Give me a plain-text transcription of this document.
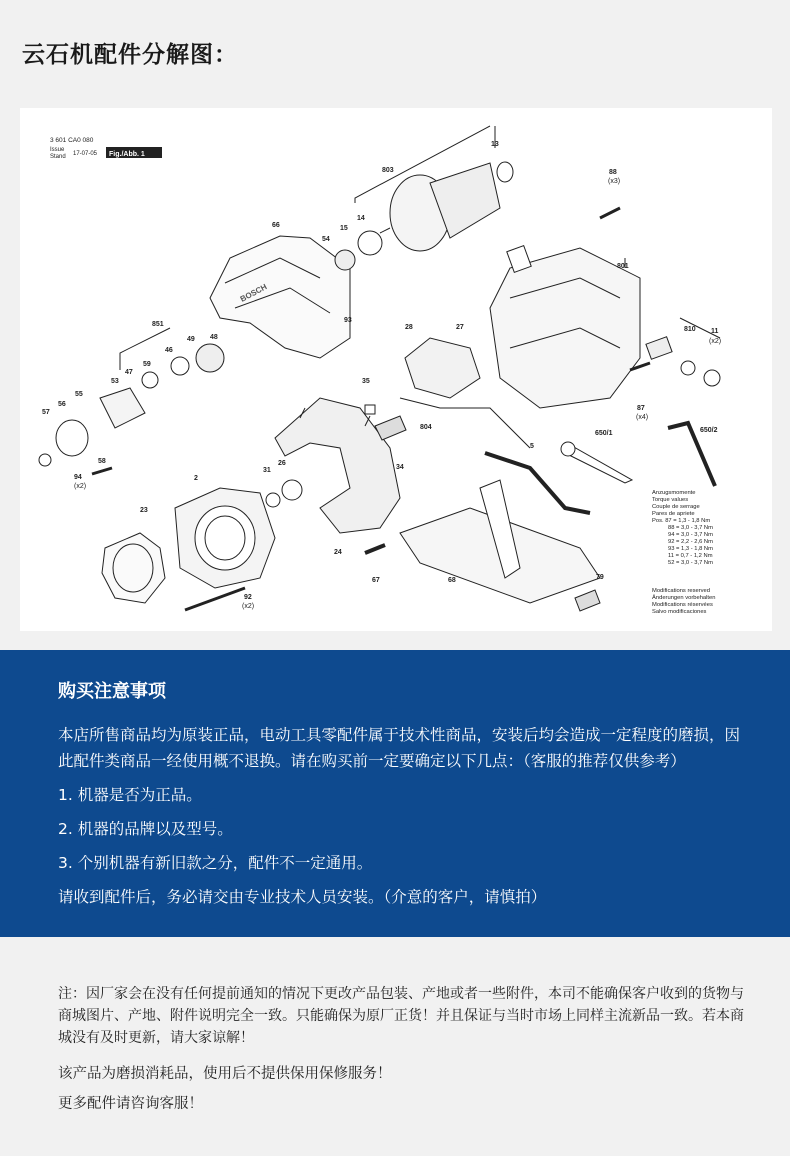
云石机配件分解图：
3 601 CA0 080
Issue
Stand 17-07-05 Fig./Abb. 1
BOSCH
13
803	88
(x3)
66
54
15
14
801
851
49 48
93
28	27	810 11
(x2)
47
59
46
35
53
55
56
57
58
94
(x2)
87
(x4)
804
34
650/1	650/2
5
2
31
26
23
24
92
(x2)
67	68	79
Anzugsmomente
Torque values
Couple de serrage
Pares de apriete
Pos. 87 = 1,3 - 1,8 Nm
88 = 3,0 - 3,7 Nm
94 = 3,0 - 3,7 Nm
92 = 2,2 - 2,6 Nm
93 = 1,3 - 1,8 Nm
11 = 0,7 - 1,2 Nm
52 = 3,0 - 3,7 Nm
Modifications reserved
Änderungen vorbehalten
Modifications réservées
Salvo modificaciones
购买注意事项

本店所售商品均为原装正品，电动工具零配件属于技术性商品，安装后均会造成一定程度的磨损，因此配件类商品一经使用概不退换。请在购买前一定要确定以下几点：（客服的推荐仅供参考）

1. 机器是否为正品。

2. 机器的品牌以及型号。

3. 个别机器有新旧款之分，配件不一定通用。

请收到配件后，务必请交由专业技术人员安装。（介意的客户，请慎拍）

注：因厂家会在没有任何提前通知的情况下更改产品包装、产地或者一些附件，本司不能确保客户收到的货物与商城图片、产地、附件说明完全一致。只能确保为原厂正货！并且保证与当时市场上同样主流新品一致。若本商城没有及时更新，请大家谅解！

该产品为磨损消耗品，使用后不提供保用保修服务！

更多配件请咨询客服！
